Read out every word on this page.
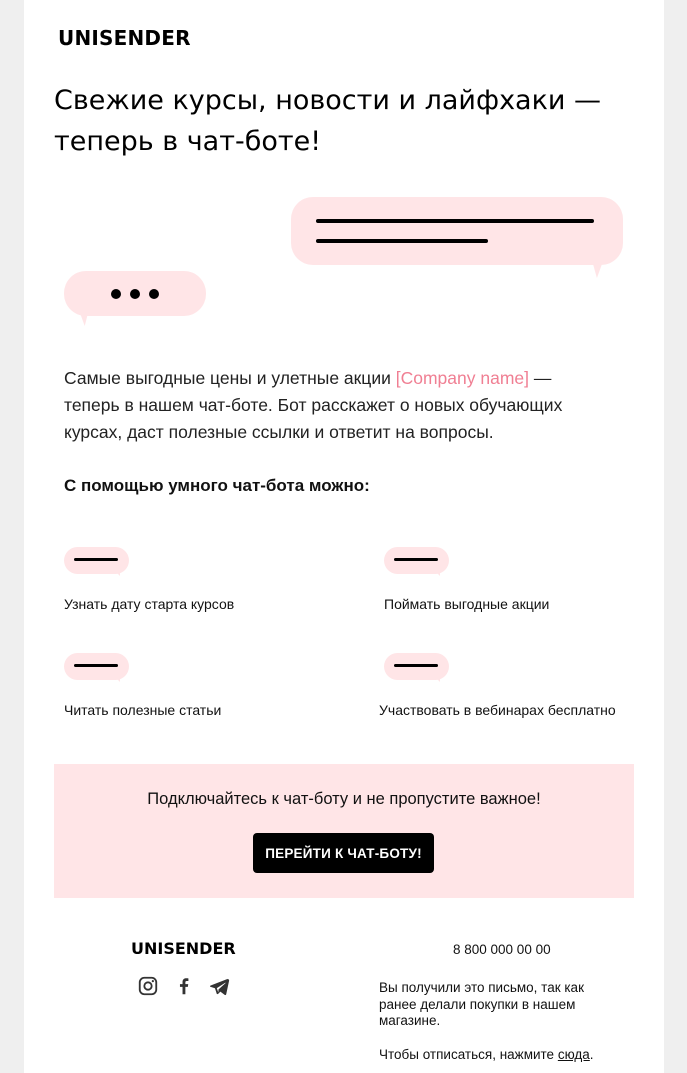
UNISENDER
Свежие курсы, новости и лайфхаки — теперь в чат-боте!
Самые выгодные цены и улетные акции [Company name] — теперь в нашем чат-боте. Бот расскажет о новых обучающих курсах, даст полезные ссылки и ответит на вопросы.
С помощью умного чат-бота можно:
Узнать дату старта курсов	Поймать выгодные акции
Читать полезные статьи	Участвовать в вебинарах бесплатно
Подключайтесь к чат-боту и не пропустите важное!
ПЕРЕЙТИ К ЧАТ-БОТУ!
UNISENDER	8 800 000 00 00
Вы получили это письмо, так как ранее делали покупки в нашем магазине.
Чтобы отписаться, нажмите сюда.
